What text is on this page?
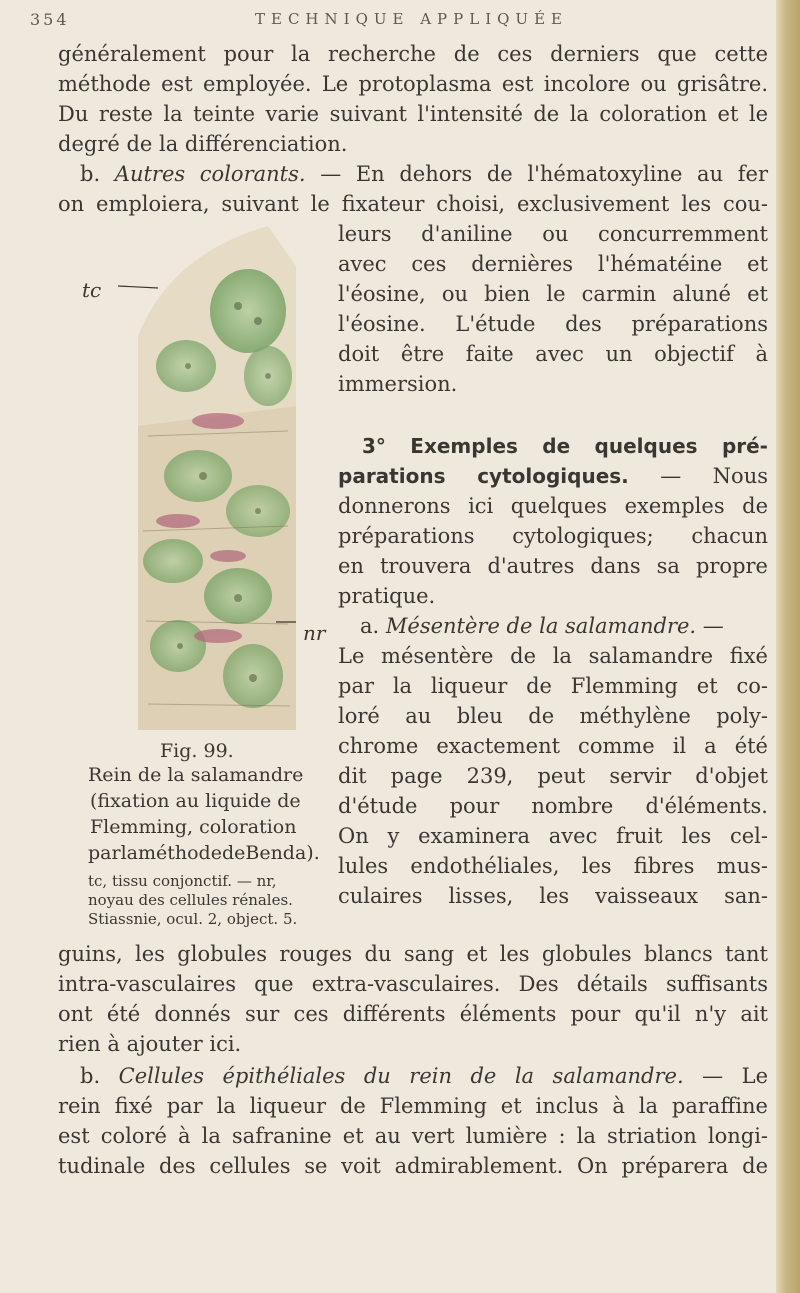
354	TECHNIQUE APPLIQUÉE
généralement pour la recherche de ces derniers que cette
méthode est employée. Le protoplasma est incolore ou grisâtre.
Du reste la teinte varie suivant l'intensité de la coloration et le
degré de la différenciation.
b. Autres colorants. — En dehors de l'hématoxyline au fer
on emploiera, suivant le fixateur choisi, exclusivement les cou-
leurs d'aniline ou concurremment
avec ces dernières l'hématéine et
l'éosine, ou bien le carmin aluné et
l'éosine. L'étude des préparations
doit être faite avec un objectif à
immersion.
3° Exemples de quelques pré-
parations cytologiques. — Nous
donnerons ici quelques exemples de
préparations cytologiques; chacun
en trouvera d'autres dans sa propre
pratique.
a. Mésentère de la salamandre. —
Le mésentère de la salamandre fixé
par la liqueur de Flemming et co-
loré au bleu de méthylène poly-
chrome exactement comme il a été
dit page 239, peut servir d'objet
d'étude pour nombre d'éléments.
On y examinera avec fruit les cel-
lules endothéliales, les fibres mus-
culaires lisses, les vaisseaux san-
tc
nr
Fig. 99.
Rein de la salamandre
(fixation au liquide de
Flemming, coloration
parlaméthodedeBenda).
tc, tissu conjonctif. — nr,
noyau des cellules rénales.
Stiassnie, ocul. 2, object. 5.
guins, les globules rouges du sang et les globules blancs tant
intra-vasculaires que extra-vasculaires. Des détails suffisants
ont été donnés sur ces différents éléments pour qu'il n'y ait
rien à ajouter ici.
b. Cellules épithéliales du rein de la salamandre. — Le
rein fixé par la liqueur de Flemming et inclus à la paraffine
est coloré à la safranine et au vert lumière : la striation longi-
tudinale des cellules se voit admirablement. On préparera de
